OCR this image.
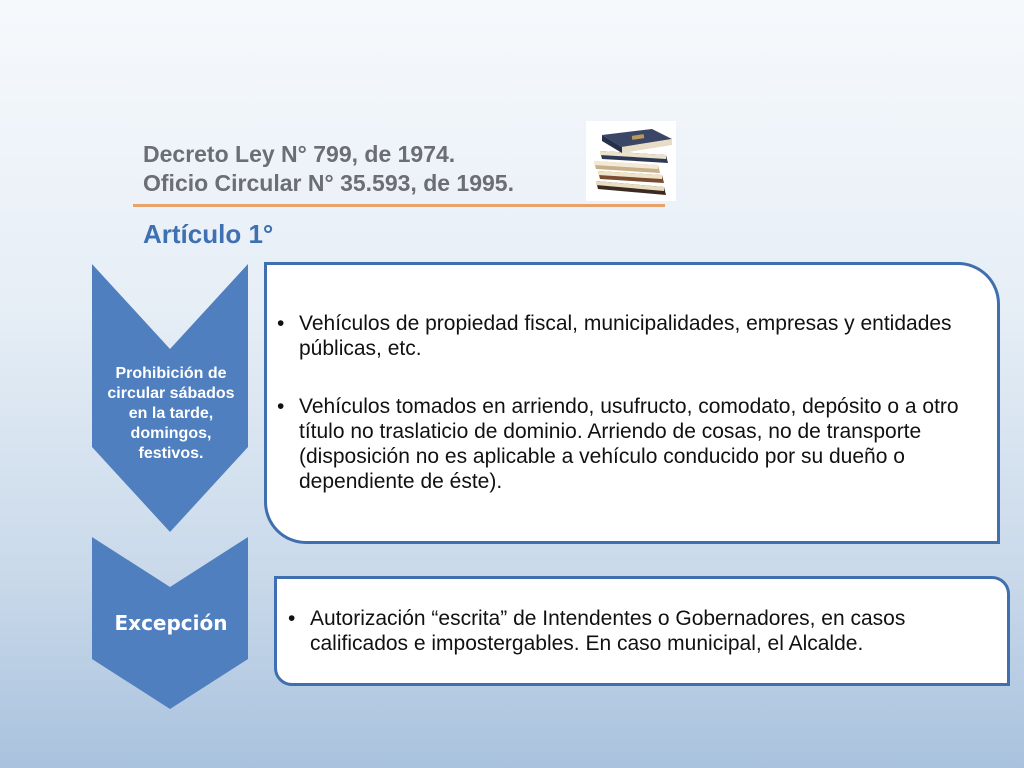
Decreto Ley N° 799, de 1974.
Oficio Circular N° 35.593, de 1995.
Artículo 1°
Prohibición de circular sábados en la tarde, domingos, festivos.
Excepción
• Vehículos de propiedad fiscal, municipalidades, empresas y entidades públicas, etc.
• Vehículos tomados en arriendo, usufructo, comodato, depósito o a otro título no traslaticio de dominio. Arriendo de cosas, no de transporte (disposición no es aplicable a vehículo conducido por su dueño o dependiente de éste).
• Autorización “escrita” de Intendentes o Gobernadores, en casos calificados e impostergables. En caso municipal, el Alcalde.
